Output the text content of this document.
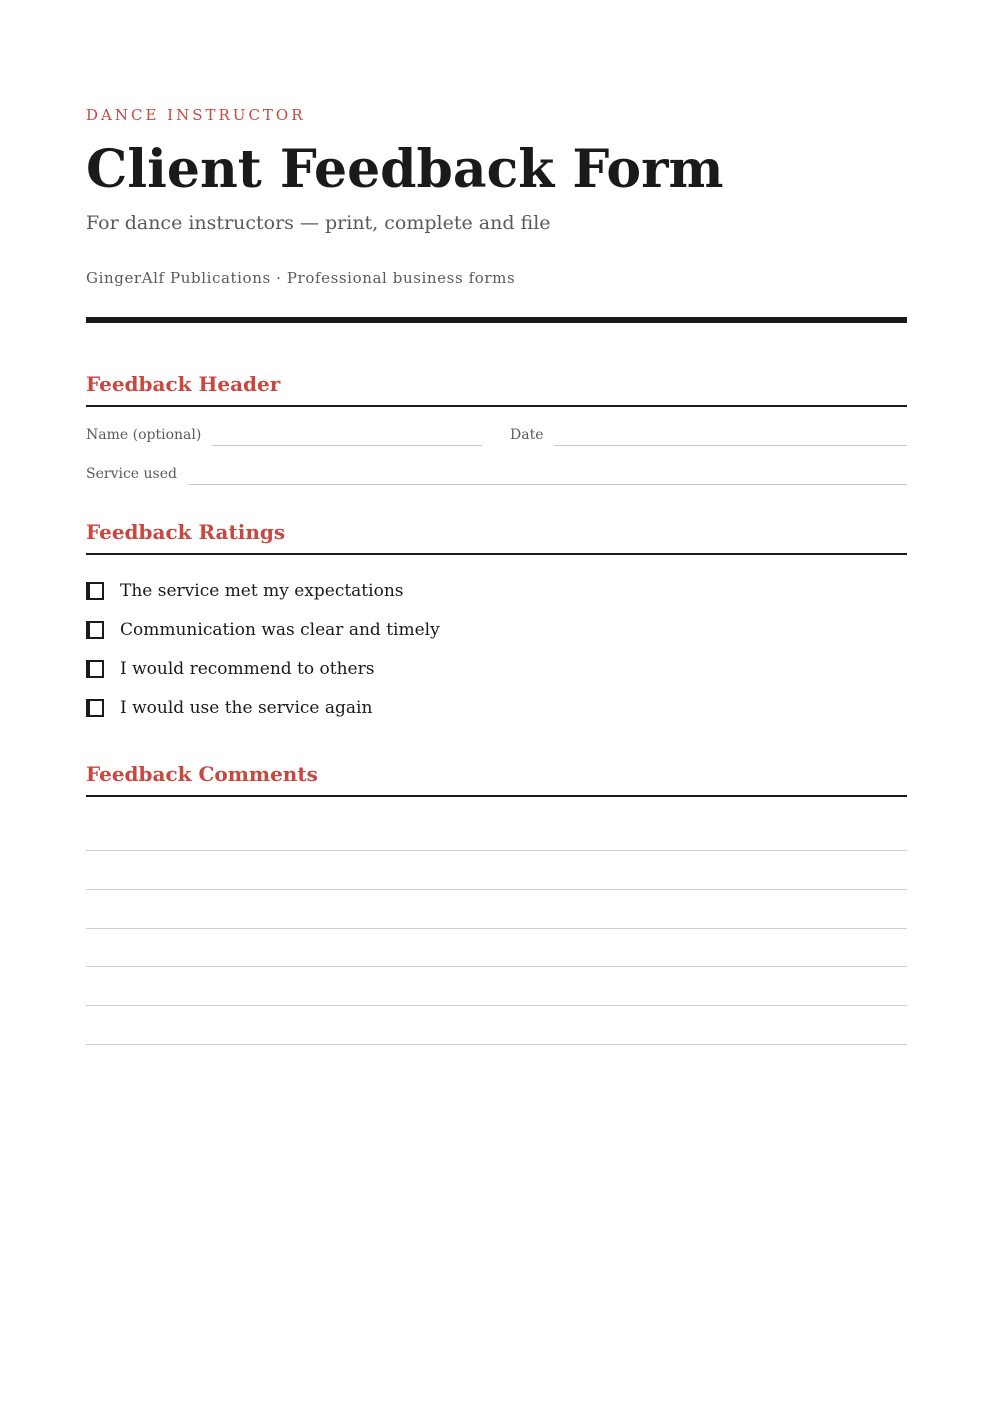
DANCE INSTRUCTOR
Client Feedback Form
For dance instructors — print, complete and file
GingerAlf Publications · Professional business forms
Feedback Header
Name (optional)	Date
Service used
Feedback Ratings
The service met my expectations
Communication was clear and timely
I would recommend to others
I would use the service again
Feedback Comments
